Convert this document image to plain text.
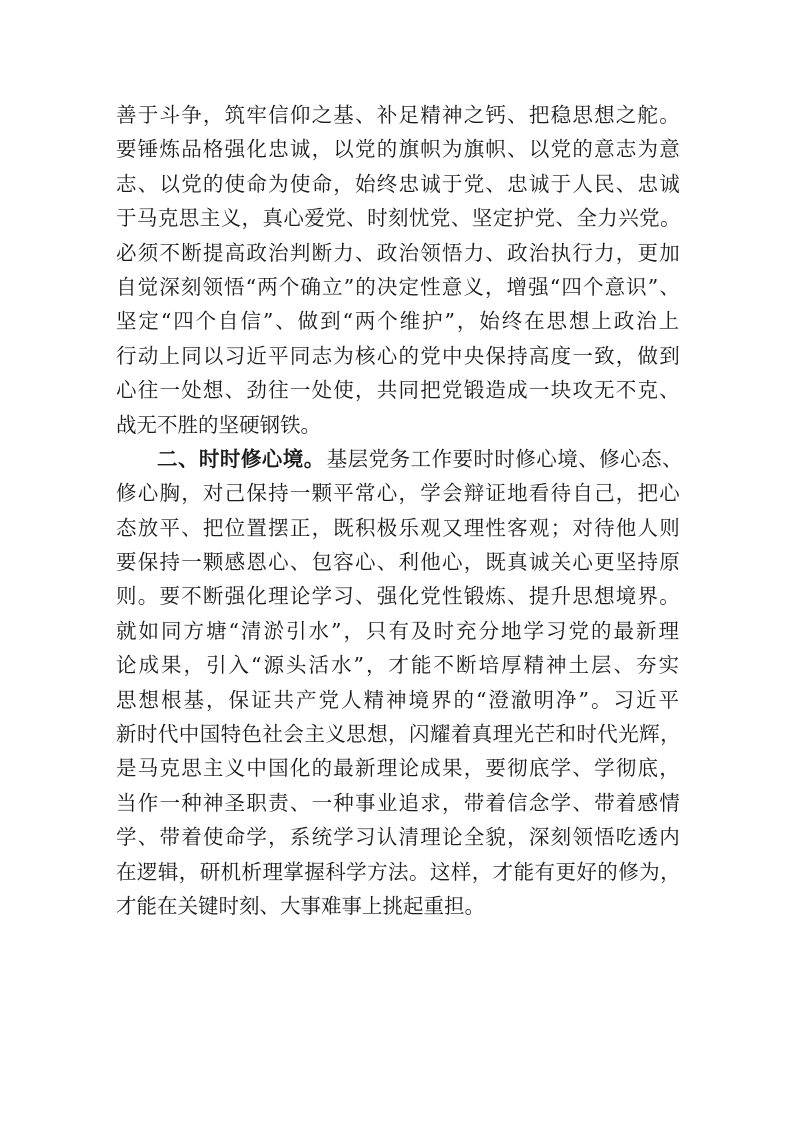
善于斗争，筑牢信仰之基、补足精神之钙、把稳思想之舵。
要锤炼品格强化忠诚，以党的旗帜为旗帜、以党的意志为意
志、以党的使命为使命，始终忠诚于党、忠诚于人民、忠诚
于马克思主义，真心爱党、时刻忧党、坚定护党、全力兴党。
必须不断提高政治判断力、政治领悟力、政治执行力，更加
自觉深刻领悟“两个确立”的决定性意义，增强“四个意识”、
坚定“四个自信”、做到“两个维护”，始终在思想上政治上
行动上同以习近平同志为核心的党中央保持高度一致，做到
心往一处想、劲往一处使，共同把党锻造成一块攻无不克、
战无不胜的坚硬钢铁。
二、时时修心境。 基层党务工作要时时修心境、修心态、
修心胸，对己保持一颗平常心，学会辩证地看待自己，把心
态放平、把位置摆正，既积极乐观又理性客观；对待他人则
要保持一颗感恩心、包容心、利他心，既真诚关心更坚持原
则。要不断强化理论学习、强化党性锻炼、提升思想境界。
就如同方塘“清淤引水”，只有及时充分地学习党的最新理
论成果，引入“源头活水”，才能不断培厚精神土层、夯实
思想根基，保证共产党人精神境界的“澄澈明净”。习近平
新时代中国特色社会主义思想，闪耀着真理光芒和时代光辉，
是马克思主义中国化的最新理论成果，要彻底学、学彻底，
当作一种神圣职责、一种事业追求，带着信念学、带着感情
学、带着使命学，系统学习认清理论全貌，深刻领悟吃透内
在逻辑，研机析理掌握科学方法。这样，才能有更好的修为，
才能在关键时刻、大事难事上挑起重担。
